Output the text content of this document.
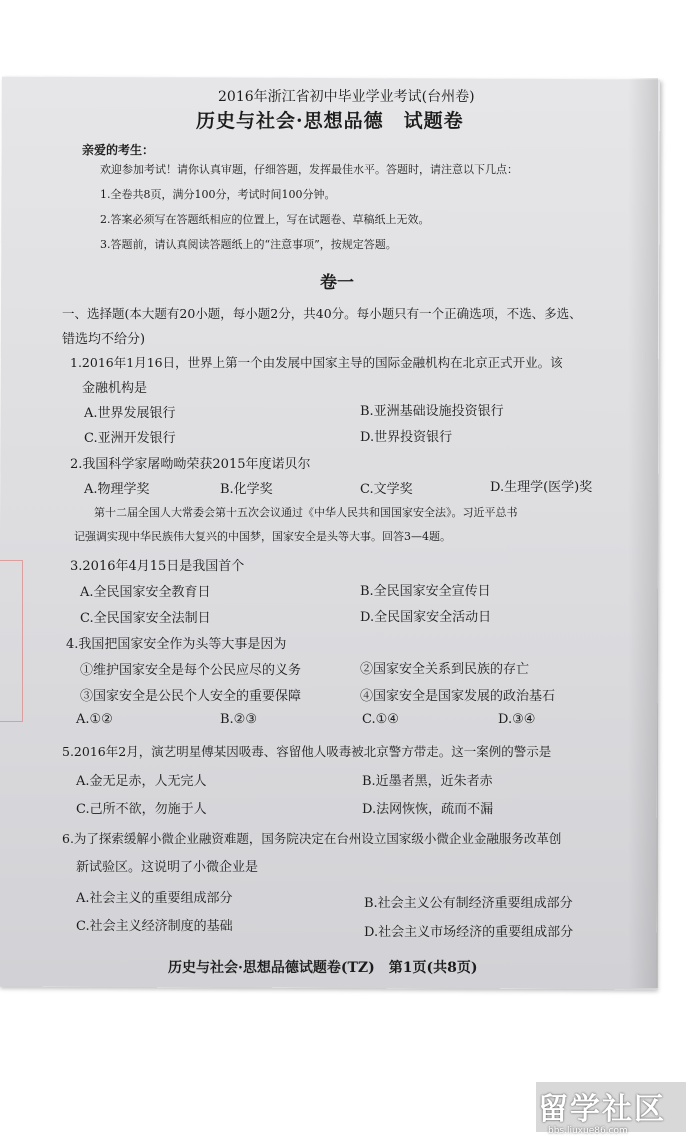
2016年浙江省初中毕业学业考试(台州卷)
历史与社会·思想品德　试题卷
亲爱的考生：
欢迎参加考试！请你认真审题，仔细答题，发挥最佳水平。答题时，请注意以下几点：
1.全卷共8页，满分100分，考试时间100分钟。
2.答案必须写在答题纸相应的位置上，写在试题卷、草稿纸上无效。
3.答题前，请认真阅读答题纸上的“注意事项”，按规定答题。
卷一
一、选择题(本大题有20小题，每小题2分，共40分。每小题只有一个正确选项，不选、多选、
错选均不给分)
1.2016年1月16日，世界上第一个由发展中国家主导的国际金融机构在北京正式开业。该
金融机构是
A.世界发展银行	B.亚洲基础设施投资银行
C.亚洲开发银行	D.世界投资银行
2.我国科学家屠呦呦荣获2015年度诺贝尔
A.物理学奖	B.化学奖	C.文学奖	D.生理学(医学)奖
第十二届全国人大常委会第十五次会议通过《中华人民共和国国家安全法》。习近平总书
记强调实现中华民族伟大复兴的中国梦，国家安全是头等大事。回答3—4题。
3.2016年4月15日是我国首个
A.全民国家安全教育日	B.全民国家安全宣传日
C.全民国家安全法制日	D.全民国家安全活动日
4.我国把国家安全作为头等大事是因为
①维护国家安全是每个公民应尽的义务	②国家安全关系到民族的存亡
③国家安全是公民个人安全的重要保障	④国家安全是国家发展的政治基石
A.①②	B.②③	C.①④	D.③④
5.2016年2月，演艺明星傅某因吸毒、容留他人吸毒被北京警方带走。这一案例的警示是
A.金无足赤，人无完人	B.近墨者黑，近朱者赤
C.己所不欲，勿施于人	D.法网恢恢，疏而不漏
6.为了探索缓解小微企业融资难题，国务院决定在台州设立国家级小微企业金融服务改革创
新试验区。这说明了小微企业是
A.社会主义的重要组成部分	B.社会主义公有制经济重要组成部分
C.社会主义经济制度的基础	D.社会主义市场经济的重要组成部分
历史与社会·思想品德试题卷(TZ)　第1页(共8页)
留学社区
bbs.liuxue86.com
